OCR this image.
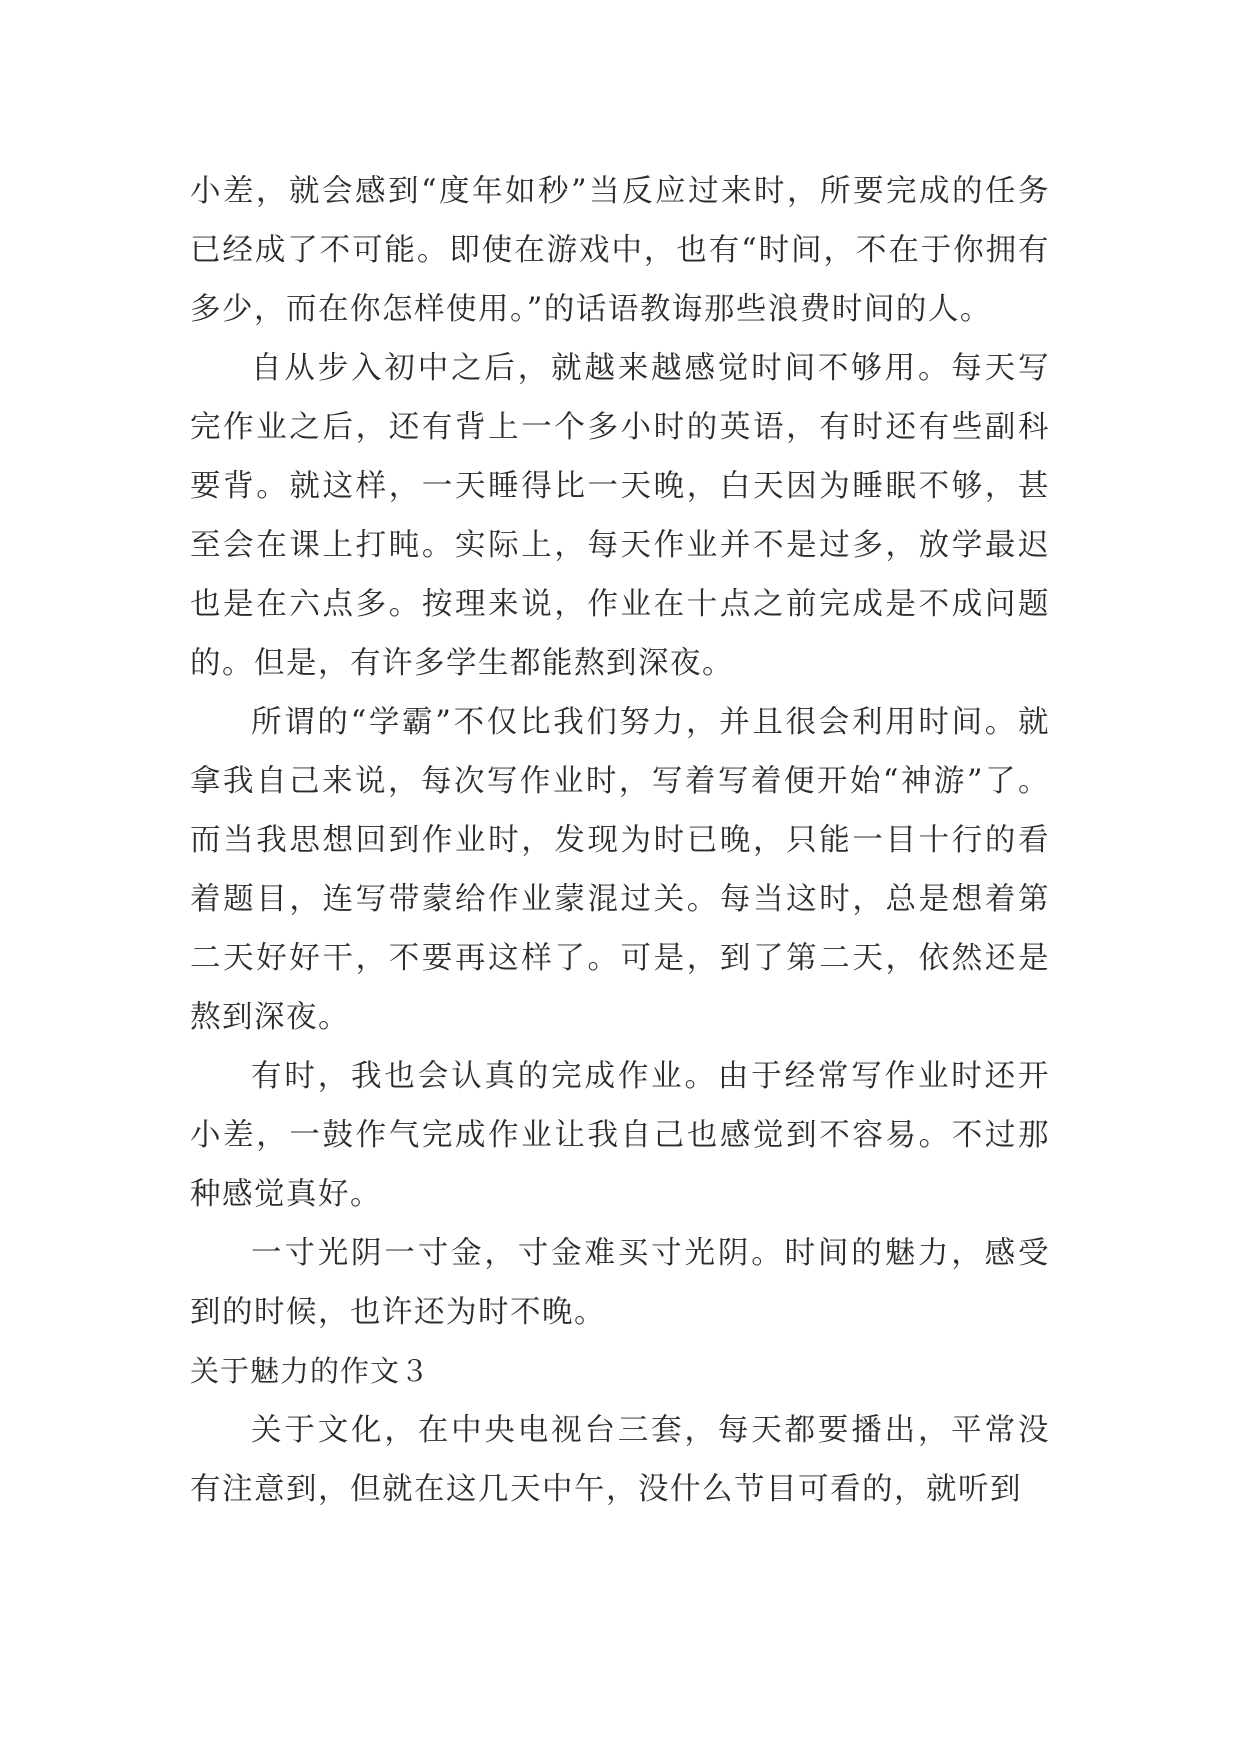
小差，就会感到“度年如秒”当反应过来时，所要完成的任务已经成了不可能。即使在游戏中，也有“时间，不在于你拥有多少，而在你怎样使用。”的话语教诲那些浪费时间的人。

自从步入初中之后，就越来越感觉时间不够用。每天写完作业之后，还有背上一个多小时的英语，有时还有些副科要背。就这样，一天睡得比一天晚，白天因为睡眠不够，甚至会在课上打盹。实际上，每天作业并不是过多，放学最迟也是在六点多。按理来说，作业在十点之前完成是不成问题的。但是，有许多学生都能熬到深夜。

所谓的“学霸”不仅比我们努力，并且很会利用时间。就拿我自己来说，每次写作业时，写着写着便开始“神游”了。而当我思想回到作业时，发现为时已晚，只能一目十行的看着题目，连写带蒙给作业蒙混过关。每当这时，总是想着第二天好好干，不要再这样了。可是，到了第二天，依然还是熬到深夜。

有时，我也会认真的完成作业。由于经常写作业时还开小差，一鼓作气完成作业让我自己也感觉到不容易。不过那种感觉真好。

一寸光阴一寸金，寸金难买寸光阴。时间的魅力，感受到的时候，也许还为时不晚。

关于魅力的作文３

关于文化，在中央电视台三套，每天都要播出，平常没有注意到，但就在这几天中午，没什么节目可看的，就听到
